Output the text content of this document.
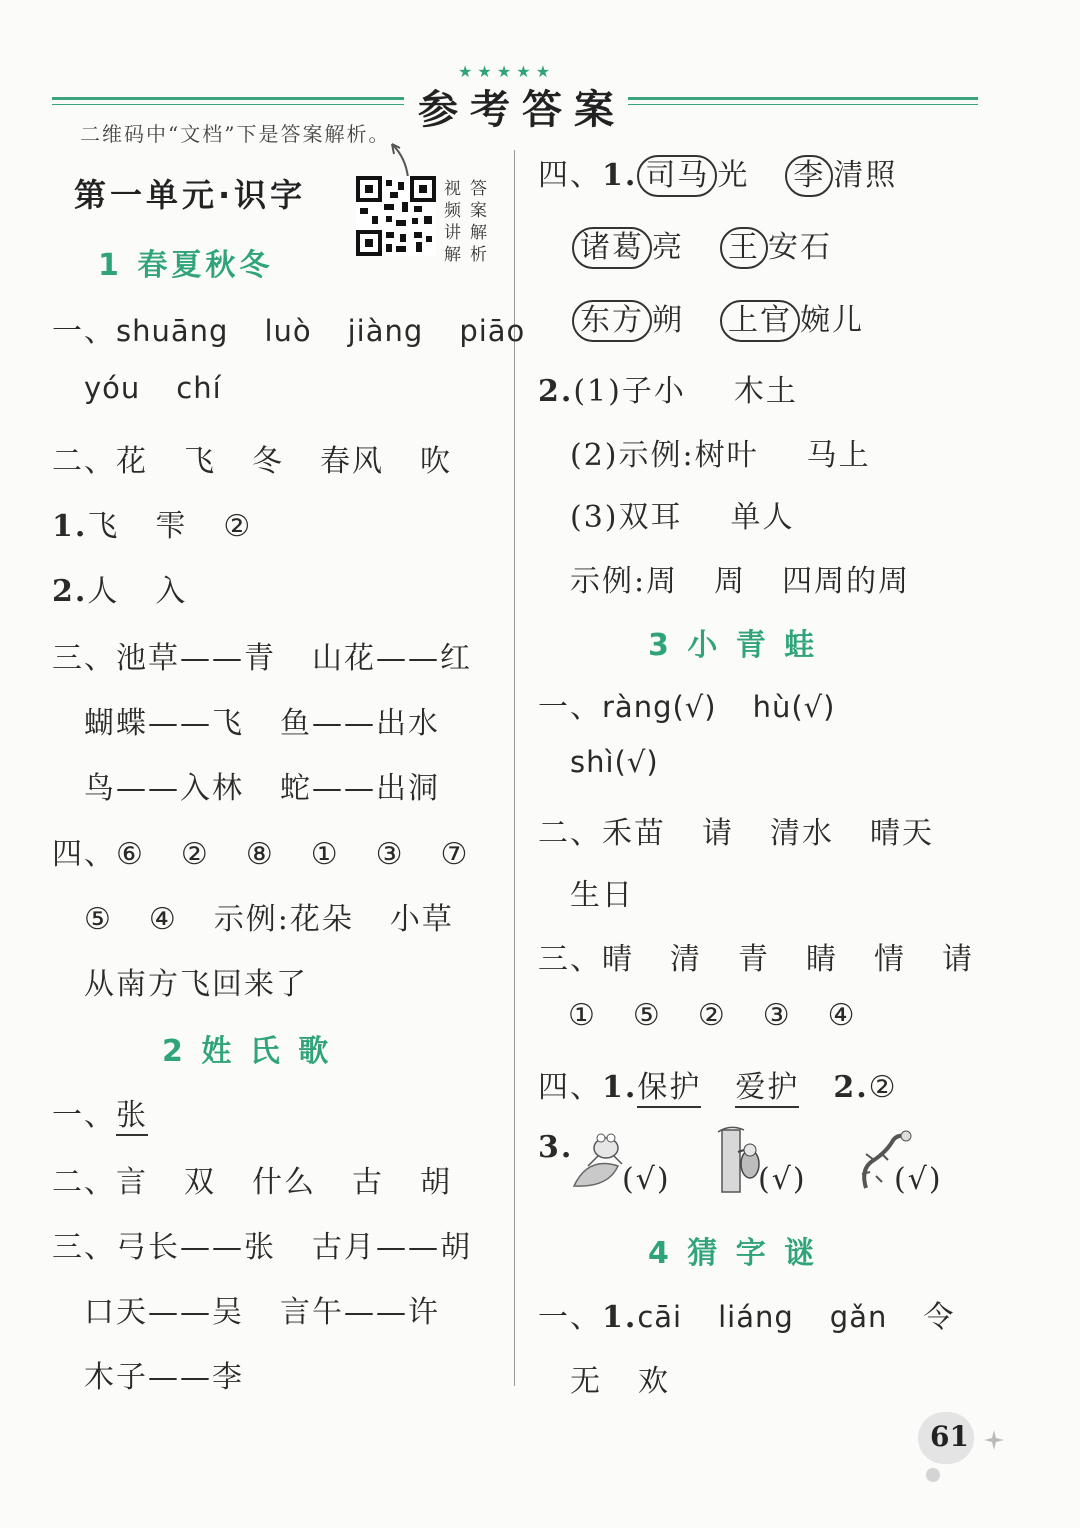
★ ★ ★ ★ ★
参考答案
二维码中“文档”下是答案解析。
第一单元·识字	视频讲解
答案解析
1 春夏秋冬
一、shuāng luò jiàng piāo
yóu chí
二、花 飞 冬 春风 吹
1.飞 雫 ②
2.人 入
三、池草——青 山花——红
蝴蝶——飞 鱼——出水
鸟——入林 蛇——出洞
四、⑥ ② ⑧ ① ③ ⑦
⑤ ④ 示例:花朵 小草
从南方飞回来了
2 姓 氏 歌
一、张
二、言 双 什么 古 胡
三、弓长——张 古月——胡
口天——吴 言午——许
木子——李
四、1. 司马 光 李 清照
诸葛 亮 王 安石
东方 朔 上官 婉儿
2.(1)子小 木土
(2)示例:树叶 马上
(3)双耳 单人
示例:周 周 四周的周
3 小 青 蛙
一、ràng(√) hù(√)
shì(√)
二、禾苗 请 清水 晴天
生日
三、晴 清 青 睛 情 请
① ⑤ ② ③ ④
四、1.保护 爱护 2.②
3.
(√)	(√)	(√)
4 猜 字 谜
一、1.cāi liáng gǎn 令
无 欢
61
